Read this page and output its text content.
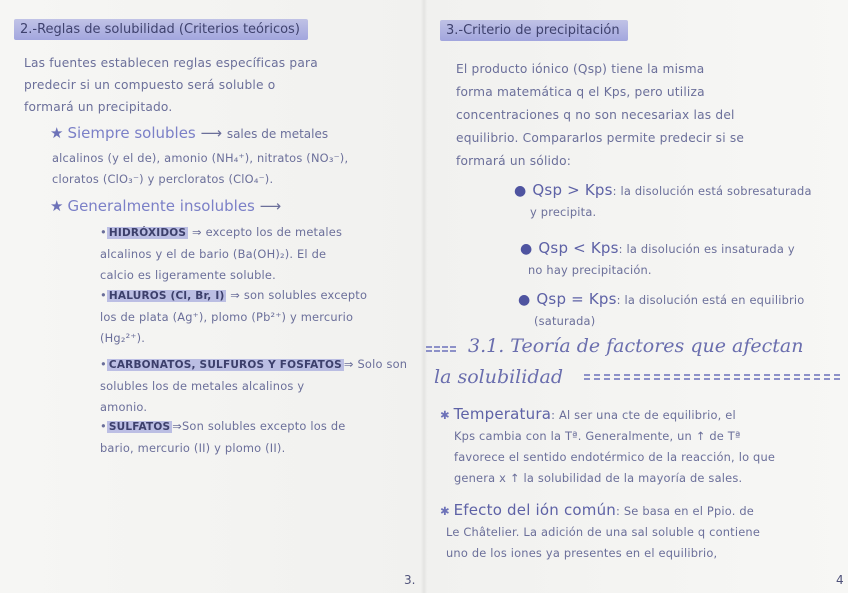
2.-Reglas de solubilidad (Criterios teóricos)
Las fuentes establecen reglas específicas para
predecir si un compuesto será soluble o
formará un precipitado.
★ Siempre solubles ⟶ sales de metales
alcalinos (y el de), amonio (NH₄⁺), nitratos (NO₃⁻),
cloratos (ClO₃⁻) y percloratos (ClO₄⁻).
★ Generalmente insolubles ⟶
• HIDRÓXIDOS ⇒ excepto los de metales
alcalinos y el de bario (Ba(OH)₂). El de
calcio es ligeramente soluble.
• HALUROS (Cl, Br, I) ⇒ son solubles excepto
los de plata (Ag⁺), plomo (Pb²⁺) y mercurio
(Hg₂²⁺).
• CARBONATOS, SULFUROS Y FOSFATOS ⇒ Solo son
solubles los de metales alcalinos y
amonio.
• SULFATOS ⇒Son solubles excepto los de
bario, mercurio (II) y plomo (II).
3.
3.-Criterio de precipitación
El producto iónico (Qsp) tiene la misma
forma matemática q el Kps, pero utiliza
concentraciones q no son necesariax las del
equilibrio. Compararlos permite predecir si se
formará un sólido:
● Qsp > Kps: la disolución está sobresaturada
y precipita.
● Qsp < Kps: la disolución es insaturada y
no hay precipitación.
● Qsp = Kps: la disolución está en equilibrio
(saturada)
3.1. Teoría de factores que afectan
la solubilidad
✱ Temperatura: Al ser una cte de equilibrio, el
Kps cambia con la Tª. Generalmente, un ↑ de Tª
favorece el sentido endotérmico de la reacción, lo que
genera x ↑ la solubilidad de la mayoría de sales.
✱ Efecto del ión común: Se basa en el Ppio. de
Le Châtelier. La adición de una sal soluble q contiene
uno de los iones ya presentes en el equilibrio,
4
